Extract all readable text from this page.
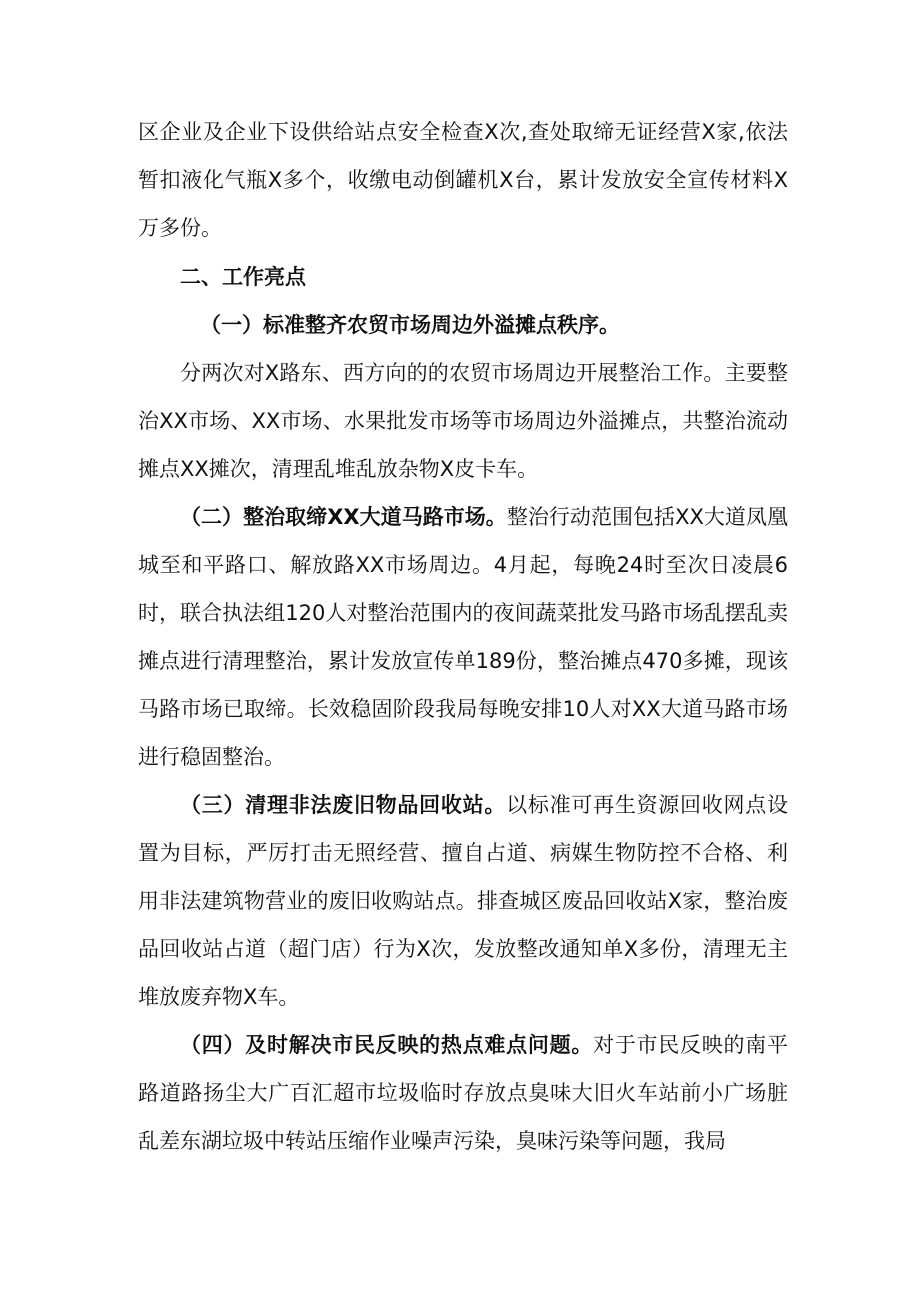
区企业及企业下设供给站点安全检查X次,查处取缔无证经营X家,依法暂扣液化气瓶X多个，收缴电动倒罐机X台，累计发放安全宣传材料X万多份。

二、工作亮点

（一）标准整齐农贸市场周边外溢摊点秩序。

分两次对X路东、西方向的的农贸市场周边开展整治工作。主要整治XX市场、XX市场、水果批发市场等市场周边外溢摊点，共整治流动摊点XX摊次，清理乱堆乱放杂物X皮卡车。

（二）整治取缔XX大道马路市场。整治行动范围包括XX大道凤凰城至和平路口、解放路XX市场周边。4月起，每晚24时至次日凌晨6时，联合执法组120人对整治范围内的夜间蔬菜批发马路市场乱摆乱卖摊点进行清理整治，累计发放宣传单189份，整治摊点470多摊，现该马路市场已取缔。长效稳固阶段我局每晚安排10人对XX大道马路市场进行稳固整治。

（三）清理非法废旧物品回收站。以标准可再生资源回收网点设置为目标，严厉打击无照经营、擅自占道、病媒生物防控不合格、利用非法建筑物营业的废旧收购站点。排查城区废品回收站X家，整治废品回收站占道（超门店）行为X次，发放整改通知单X多份，清理无主堆放废弃物X车。

（四）及时解决市民反映的热点难点问题。对于市民反映的南平路道路扬尘大广百汇超市垃圾临时存放点臭味大旧火车站前小广场脏乱差东湖垃圾中转站压缩作业噪声污染，臭味污染等问题，我局
